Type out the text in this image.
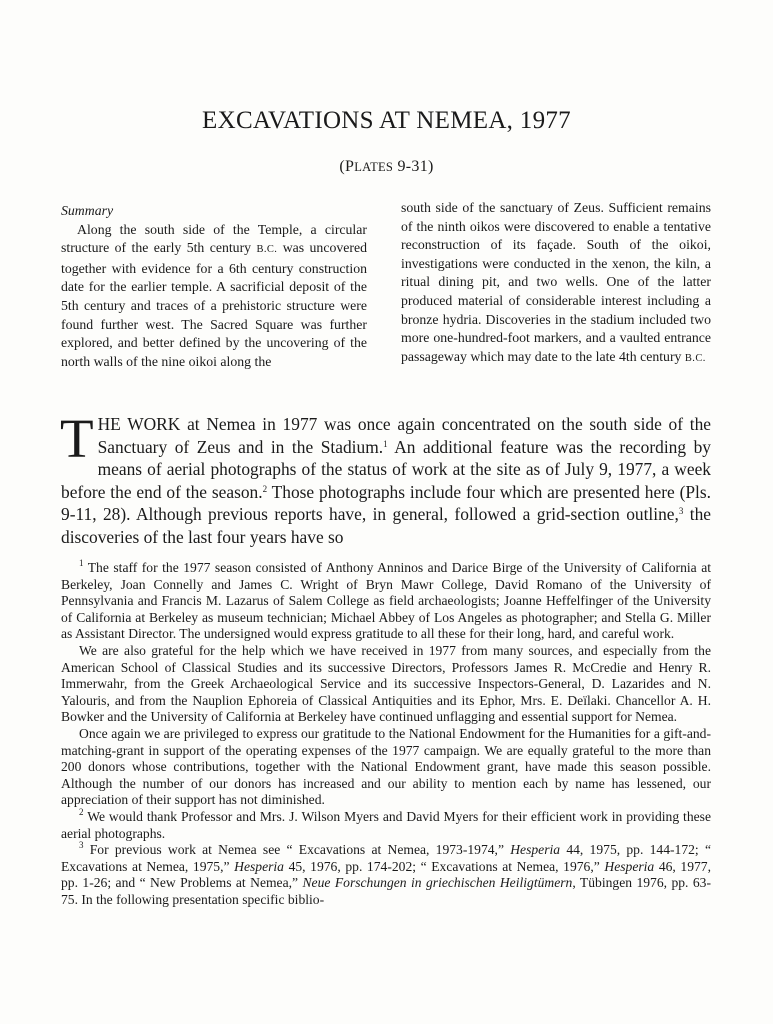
EXCAVATIONS AT NEMEA, 1977
(PLATES 9-31)

Summary

Along the south side of the Temple, a circular structure of the early 5th century B.C. was uncovered together with evidence for a 6th century construction date for the earlier temple. A sacrificial deposit of the 5th century and traces of a prehistoric structure were found further west. The Sacred Square was further explored, and better defined by the uncovering of the north walls of the nine oikoi along the

south side of the sanctuary of Zeus. Sufficient remains of the ninth oikos were discovered to enable a tentative reconstruction of its façade. South of the oikoi, investigations were conducted in the xenon, the kiln, a ritual dining pit, and two wells. One of the latter produced material of considerable interest including a bronze hydria. Discoveries in the stadium included two more one-hundred-foot markers, and a vaulted entrance passageway which may date to the late 4th century B.C.

THE WORK at Nemea in 1977 was once again concentrated on the south side of the Sanctuary of Zeus and in the Stadium.$^1$ An additional feature was the recording by means of aerial photographs of the status of work at the site as of July 9, 1977, a week before the end of the season.$^2$ Those photographs include four which are presented here (Pls. 9-11, 28). Although previous reports have, in general, followed a grid-section outline,$^3$ the discoveries of the last four years have so

$^1$ The staff for the 1977 season consisted of Anthony Anninos and Darice Birge of the University of California at Berkeley, Joan Connelly and James C. Wright of Bryn Mawr College, David Romano of the University of Pennsylvania and Francis M. Lazarus of Salem College as field archaeologists; Joanne Heffelfinger of the University of California at Berkeley as museum technician; Michael Abbey of Los Angeles as photographer; and Stella G. Miller as Assistant Director. The undersigned would express gratitude to all these for their long, hard, and careful work.

We are also grateful for the help which we have received in 1977 from many sources, and especially from the American School of Classical Studies and its successive Directors, Professors James R. McCredie and Henry R. Immerwahr, from the Greek Archaeological Service and its successive Inspectors-General, D. Lazarides and N. Yalouris, and from the Nauplion Ephoreia of Classical Antiquities and its Ephor, Mrs. E. Deïlaki. Chancellor A. H. Bowker and the University of California at Berkeley have continued unflagging and essential support for Nemea.

Once again we are privileged to express our gratitude to the National Endowment for the Humanities for a gift-and-matching-grant in support of the operating expenses of the 1977 campaign. We are equally grateful to the more than 200 donors whose contributions, together with the National Endowment grant, have made this season possible. Although the number of our donors has increased and our ability to mention each by name has lessened, our appreciation of their support has not diminished.

$^2$ We would thank Professor and Mrs. J. Wilson Myers and David Myers for their efficient work in providing these aerial photographs.

$^3$ For previous work at Nemea see “ Excavations at Nemea, 1973-1974,” Hesperia 44, 1975, pp. 144-172; “ Excavations at Nemea, 1975,” Hesperia 45, 1976, pp. 174-202; “ Excavations at Nemea, 1976,” Hesperia 46, 1977, pp. 1-26; and “ New Problems at Nemea,” Neue Forschungen in griechischen Heiligtümern, Tübingen 1976, pp. 63-75. In the following presentation specific biblio-
